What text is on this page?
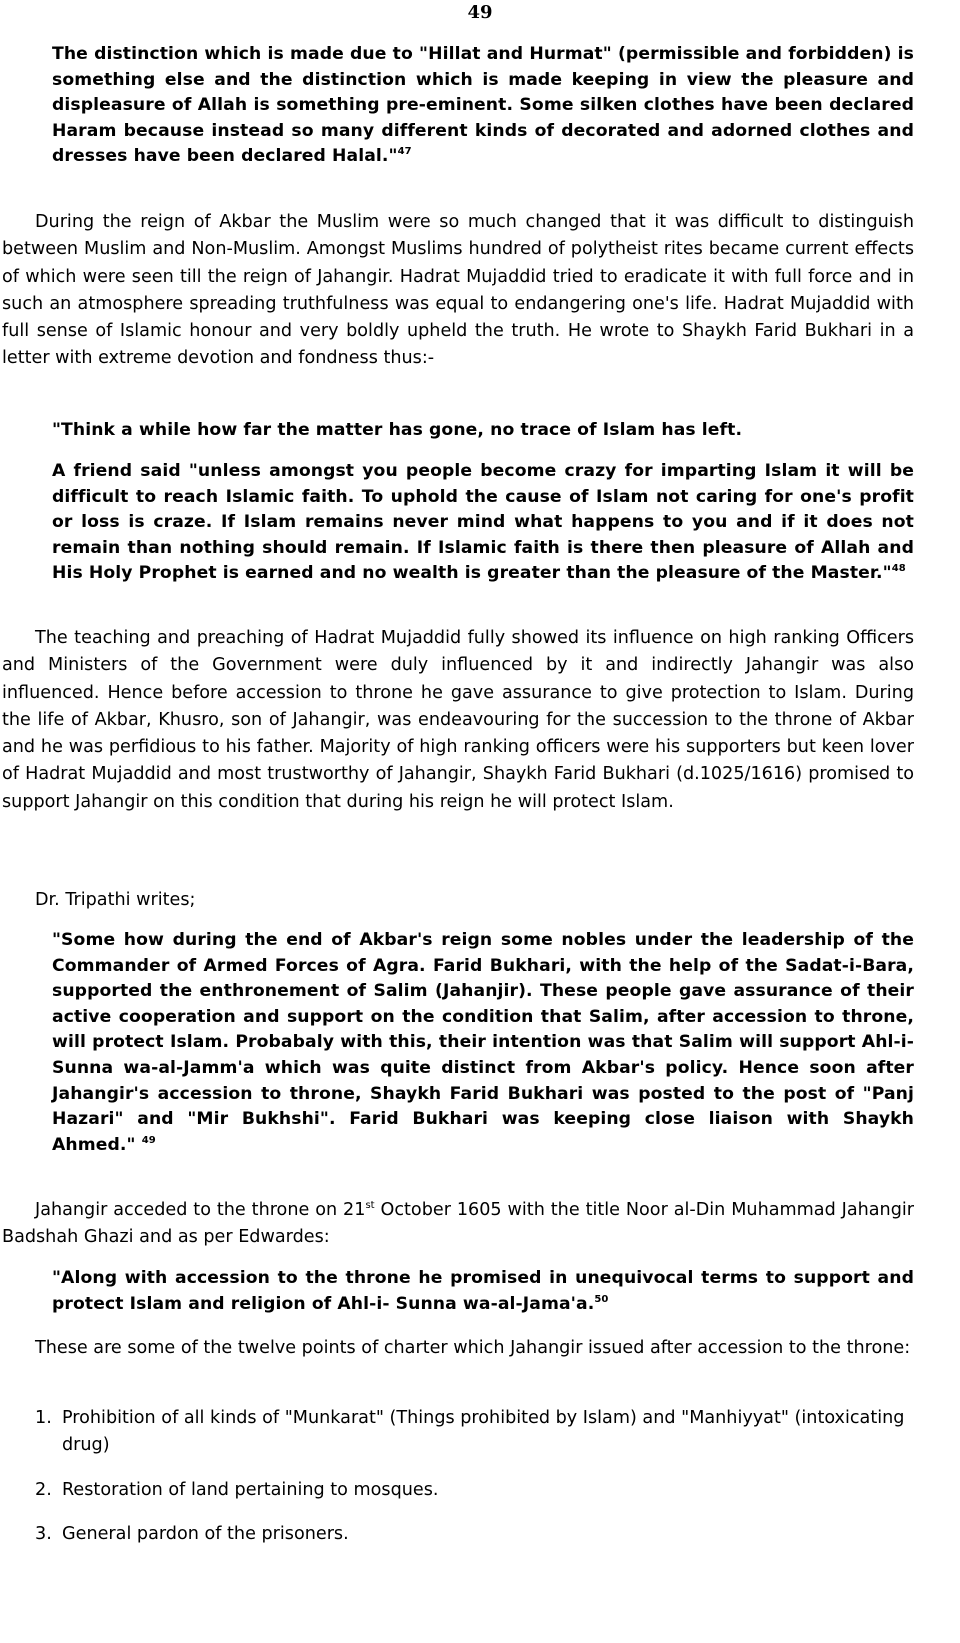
49
The distinction which is made due to "Hillat and Hurmat" (permissible and forbidden) is something else and the distinction which is made keeping in view the pleasure and displeasure of Allah is something pre-eminent. Some silken clothes have been declared Haram because instead so many different kinds of decorated and adorned clothes and dresses have been declared Halal."$^{47}$
During the reign of Akbar the Muslim were so much changed that it was difficult to distinguish between Muslim and Non-Muslim. Amongst Muslims hundred of polytheist rites became current effects of which were seen till the reign of Jahangir. Hadrat Mujaddid tried to eradicate it with full force and in such an atmosphere spreading truthfulness was equal to endangering one's life. Hadrat Mujaddid with full sense of Islamic honour and very boldly upheld the truth. He wrote to Shaykh Farid Bukhari in a letter with extreme devotion and fondness thus:-
"Think a while how far the matter has gone, no trace of Islam has left.
A friend said "unless amongst you people become crazy for imparting Islam it will be difficult to reach Islamic faith. To uphold the cause of Islam not caring for one's profit or loss is craze. If Islam remains never mind what happens to you and if it does not remain than nothing should remain. If Islamic faith is there then pleasure of Allah and His Holy Prophet is earned and no wealth is greater than the pleasure of the Master."$^{48}$
The teaching and preaching of Hadrat Mujaddid fully showed its influence on high ranking Officers and Ministers of the Government were duly influenced by it and indirectly Jahangir was also influenced. Hence before accession to throne he gave assurance to give protection to Islam. During the life of Akbar, Khusro, son of Jahangir, was endeavouring for the succession to the throne of Akbar and he was perfidious to his father. Majority of high ranking officers were his supporters but keen lover of Hadrat Mujaddid and most trustworthy of Jahangir, Shaykh Farid Bukhari (d.1025/1616) promised to support Jahangir on this condition that during his reign he will protect Islam.
Dr. Tripathi writes;
"Some how during the end of Akbar's reign some nobles under the leadership of the Commander of Armed Forces of Agra. Farid Bukhari, with the help of the Sadat-i-Bara, supported the enthronement of Salim (Jahanjir). These people gave assurance of their active cooperation and support on the condition that Salim, after accession to throne, will protect Islam. Probabaly with this, their intention was that Salim will support Ahl-i-Sunna wa-al-Jamm'a which was quite distinct from Akbar's policy. Hence soon after Jahangir's accession to throne, Shaykh Farid Bukhari was posted to the post of "Panj Hazari" and "Mir Bukhshi". Farid Bukhari was keeping close liaison with Shaykh Ahmed." $^{49}$
Jahangir acceded to the throne on 21st October 1605 with the title Noor al-Din Muhammad Jahangir Badshah Ghazi and as per Edwardes:
"Along with accession to the throne he promised in unequivocal terms to support and protect Islam and religion of Ahl-i- Sunna wa-al-Jama'a.$^{50}$
These are some of the twelve points of charter which Jahangir issued after accession to the throne:
1. Prohibition of all kinds of "Munkarat" (Things prohibited by Islam) and "Manhiyyat" (intoxicating drug)
2. Restoration of land pertaining to mosques.
3. General pardon of the prisoners.
